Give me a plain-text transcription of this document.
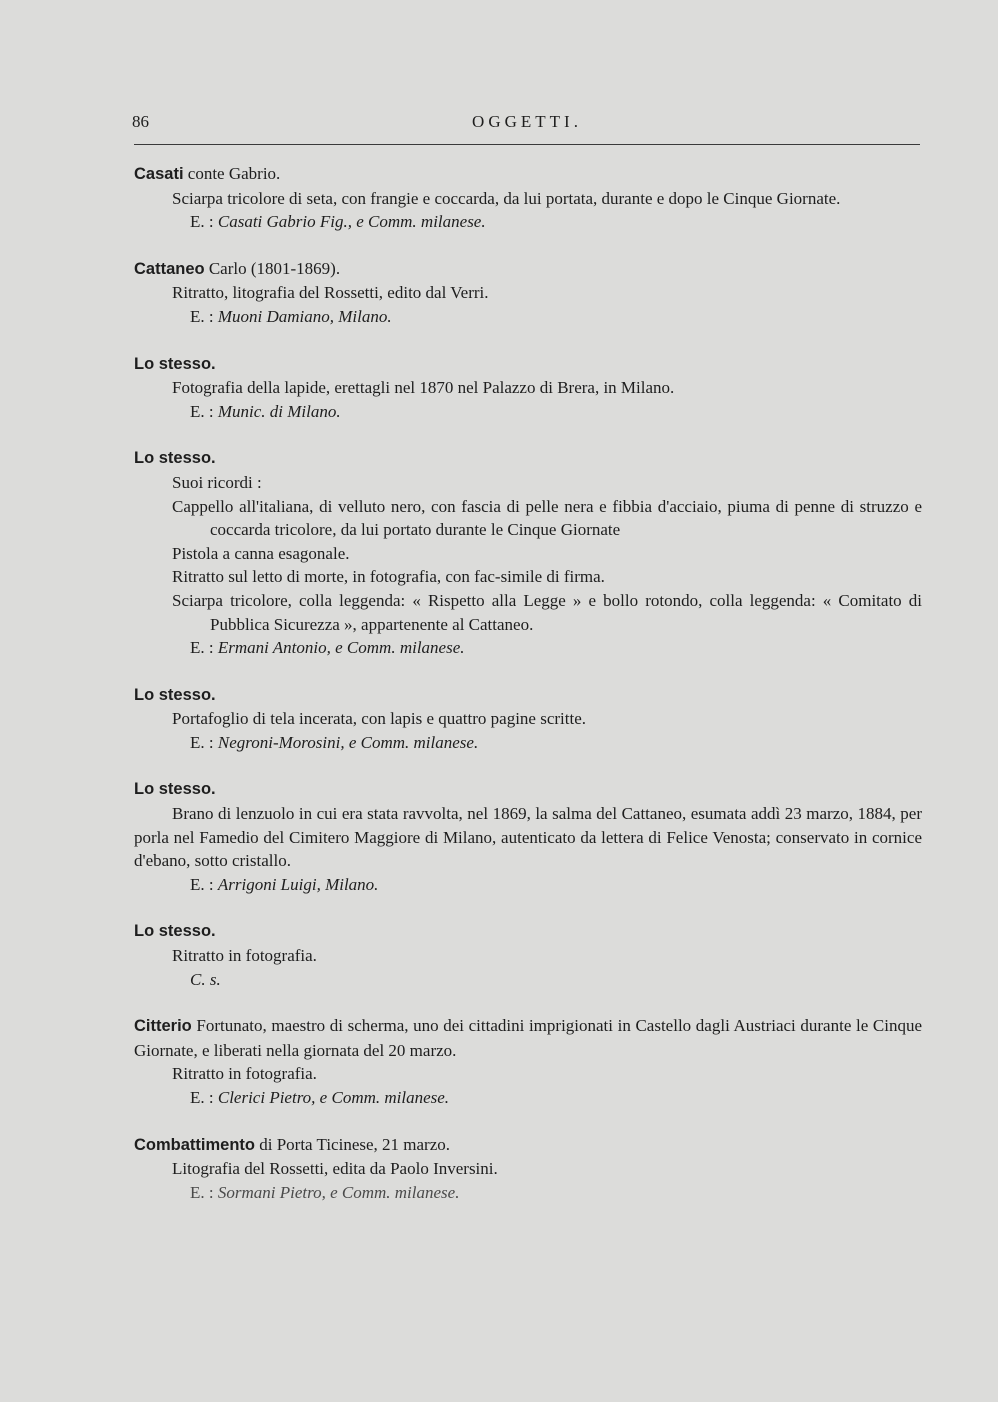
86	OGGETTI.
Casati conte Gabrio.
Sciarpa tricolore di seta, con frangie e coccarda, da lui portata, durante e dopo le Cinque Giornate.
E. : Casati Gabrio Fig., e Comm. milanese.
Cattaneo Carlo (1801-1869).
Ritratto, litografia del Rossetti, edito dal Verri.
E. : Muoni Damiano, Milano.
Lo stesso.
Fotografia della lapide, erettagli nel 1870 nel Palazzo di Brera, in Milano.
E. : Munic. di Milano.
Lo stesso.
Suoi ricordi :
Cappello all'italiana, di velluto nero, con fascia di pelle nera e fibbia d'acciaio, piuma di penne di struzzo e coccarda tricolore, da lui portato durante le Cinque Giornate
Pistola a canna esagonale.
Ritratto sul letto di morte, in fotografia, con fac-simile di firma.
Sciarpa tricolore, colla leggenda: « Rispetto alla Legge » e bollo rotondo, colla leggenda: « Comitato di Pubblica Sicurezza », appartenente al Cattaneo.
E. : Ermani Antonio, e Comm. milanese.
Lo stesso.
Portafoglio di tela incerata, con lapis e quattro pagine scritte.
E. : Negroni-Morosini, e Comm. milanese.
Lo stesso.
Brano di lenzuolo in cui era stata ravvolta, nel 1869, la salma del Cattaneo, esumata addì 23 marzo, 1884, per porla nel Famedio del Cimitero Maggiore di Milano, autenticato da lettera di Felice Venosta; conservato in cornice d'ebano, sotto cristallo.
E. : Arrigoni Luigi, Milano.
Lo stesso.
Ritratto in fotografia.
C. s.
Citterio Fortunato, maestro di scherma, uno dei cittadini imprigionati in Castello dagli Austriaci durante le Cinque Giornate, e liberati nella giornata del 20 marzo.
Ritratto in fotografia.
E. : Clerici Pietro, e Comm. milanese.
Combattimento di Porta Ticinese, 21 marzo.
Litografia del Rossetti, edita da Paolo Inversini.
E. : Sormani Pietro, e Comm. milanese.
